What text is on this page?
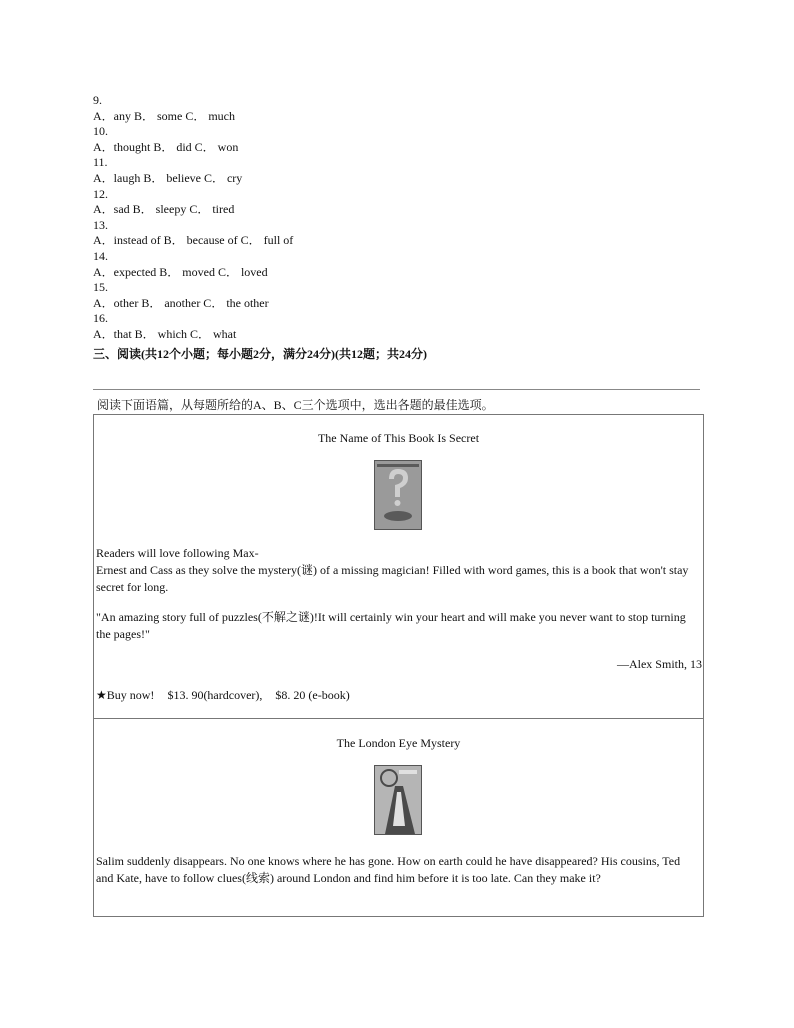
9.
A．any B． some C． much
10.
A．thought B． did C． won
11.
A．laugh B． believe C． cry
12.
A．sad B． sleepy C． tired
13.
A．instead of B． because of C． full of
14.
A．expected B． moved C． loved
15.
A．other B． another C． the other
16.
A．that B． which C． what
三、阅读(共12个小题；每小题2分，满分24分)(共12题；共24分)
阅读下面语篇，从每题所给的A、B、C三个选项中，选出各题的最佳选项。
The Name of This Book Is Secret
Readers will love following Max-
Ernest and Cass as they solve the mystery(谜) of a missing magician! Filled with word games, this is a book that won't stay secret for long.
"An amazing story full of puzzles(不解之谜)!It will certainly win your heart and will make you never want to stop turning the pages!"
—Alex Smith, 13
★Buy now! $13. 90(hardcover), $8. 20 (e-book)
The London Eye Mystery
Salim suddenly disappears. No one knows where he has gone. How on earth could he have disappeared? His cousins, Ted and Kate, have to follow clues(线索) around London and find him before it is too late. Can they make it?
